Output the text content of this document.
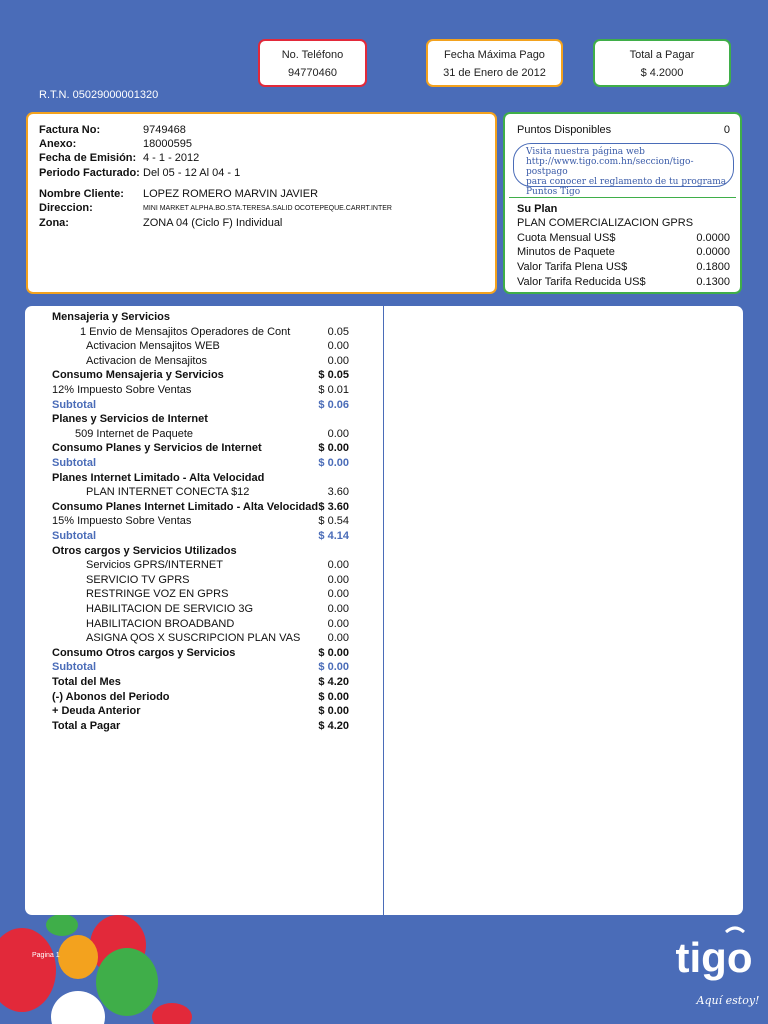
No. Teléfono
94770460
Fecha Máxima Pago
31 de Enero de 2012
Total a Pagar
$ 4.2000
R.T.N. 05029000001320
Factura No:	9749468
Anexo:	18000595
Fecha de Emisión: 4 - 1 - 2012
Periodo Facturado: Del 05 - 12 Al 04 - 1
Nombre Cliente: LOPEZ ROMERO MARVIN JAVIER
Direccion:	MINI MARKET ALPHA.BO.STA.TERESA.SALID OCOTEPEQUE.CARRT.INTER
Zona:	ZONA 04 (Ciclo F) Individual
Puntos Disponibles	0
Visita nuestra página web
http://www.tigo.com.hn/seccion/tigo-postpago
para conocer el reglamento de tu programa
Puntos Tigo
Su Plan
PLAN COMERCIALIZACION GPRS
Cuota Mensual US$	0.0000
Minutos de Paquete	0.0000
Valor Tarifa Plena US$	0.1800
Valor Tarifa Reducida US$	0.1300
Mensajeria y Servicios
1 Envio de Mensajitos Operadores de Cont	0.05
Activacion Mensajitos WEB	0.00
Activacion de Mensajitos	0.00
Consumo Mensajeria y Servicios	$ 0.05
12% Impuesto Sobre Ventas	$ 0.01
Subtotal	$ 0.06
Planes y Servicios de Internet
509 Internet de Paquete	0.00
Consumo Planes y Servicios de Internet	$ 0.00
Subtotal	$ 0.00
Planes Internet Limitado - Alta Velocidad
PLAN INTERNET CONECTA $12	3.60
Consumo Planes Internet Limitado - Alta Velocidad $ 3.60
15% Impuesto Sobre Ventas	$ 0.54
Subtotal	$ 4.14
Otros cargos y Servicios Utilizados
Servicios GPRS/INTERNET	0.00
SERVICIO TV GPRS	0.00
RESTRINGE VOZ EN GPRS	0.00
HABILITACION DE SERVICIO 3G	0.00
HABILITACION BROADBAND	0.00
ASIGNA QOS X SUSCRIPCION PLAN VAS 0.00
Consumo Otros cargos y Servicios	$ 0.00
Subtotal	$ 0.00
Total del Mes	$ 4.20
(-) Abonos del Periodo	$ 0.00
+ Deuda Anterior	$ 0.00
Total a Pagar	$ 4.20
Pagina 1	tigo
Aquí estoy!
